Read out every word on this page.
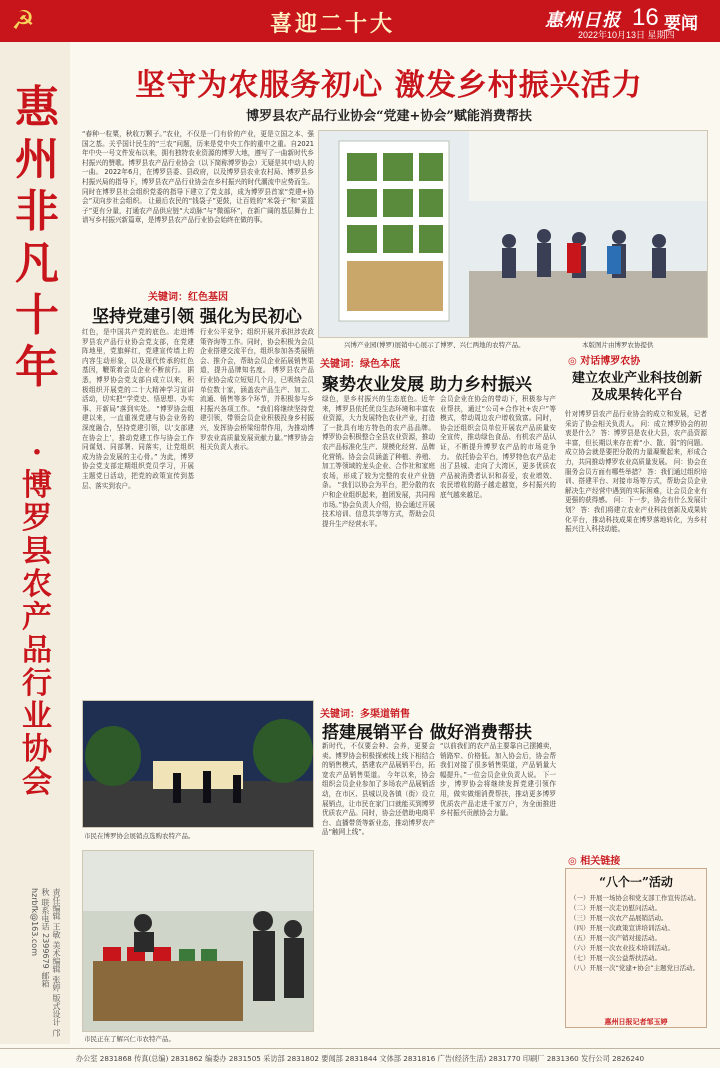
☭	喜迎二十大	惠州日报 16 要闻
2022年10月13日 星期四
惠州非凡十年
·博罗县农产品行业协会
责任编辑 王敏 美术编辑 张婷 版式设计 邝 秋 联系电话 2399679 邮箱 hzrbfk@163.com
坚守为农服务初心 激发乡村振兴活力
博罗县农产品行业协会“党建+协会”赋能消费帮扶
“春种一粒粟，秋收万颗子。”农业，不仅是一门有价的产业，更是立国之本、强国之基。关乎国计民生的“三农”问题，历来是党中央工作的重中之重。自2021年中央一号文件发布以来，拥有独特农业资源的博罗大地，遵写了一曲新时代乡村振兴的赞歌。博罗县农产品行业协会（以下简称博罗协会）无疑是其中动人的一曲。 2022年6月，在博罗县委、县政府，以及博罗县农业农村局、博罗县乡村振兴局的指导下，博罗县农产品行业协会在乡村振兴的时代潮流中应势而生。同时在博罗县社会组织党委的指导下建立了党支部，成为博罗县首家“党建+协会”双向步社会组织。 让最后农民的“钱袋子”更鼓，让百姓的“米袋子”和“菜篮子”更有分量，打通农产品供应链“大动脉”与“微循环”，在新广阔的基层舞台上谱写乡村振兴新篇章，是博罗县农产品行业协会始终在做的事。
兴博产业园(博罗)展销中心展示了博罗、兴仁两地的农特产品。	本版图片由博罗农协提供
关键词：红色基因
坚持党建引领 强化为民初心
红色，是中国共产党的底色。走进博罗县农产品行业协会党支部，在党建阵地里，党旗鲜红，党建宣传墙上的内容生动形象，以及现代传承的红色基因，鞭策着会员企业不断前行。 据悉，博罗协会党支部自成立以来，积极组织开展党的二十大精神学习宣讲活动，切实把“学党史、悟思想、办实事、开新局”落到实处。 “博罗协会组建以来，一直重视党建与协会业务的深度融合，坚持党建引领，以‘支部建在协会上’，推动党建工作与协会工作同谋划、同部署、同落实，让党组织成为协会发展的主心骨。” 为此，博罗协会党支部定期组织党员学习，开展主题党日活动，把党的政策宣传到基层、落实到农户。
行业公平竞争；组织开展并承担涉农政策咨询等工作。同时，协会积极为会员企业搭建交流平台，组织参加各类展销会、推介会，帮助会员企业拓展销售渠道，提升品牌知名度。 博罗县农产品行业协会成立短短几个月，已吸纳会员单位数十家，涵盖农产品生产、加工、流通、销售等多个环节，并积极参与乡村振兴各项工作。 “我们将继续坚持党建引领，带领会员企业积极投身乡村振兴，发挥协会桥梁纽带作用，为推动博罗农业高质量发展贡献力量。”博罗协会相关负责人表示。
关键词：绿色本底
聚势农业发展 助力乡村振兴
绿色，是乡村振兴的生态底色。近年来，博罗县依托优良生态环境和丰富农业资源，大力发展特色农业产业，打造了一批具有地方特色的农产品品牌。 博罗协会积极整合全县农业资源，推动农产品标准化生产、规模化经营、品牌化营销。协会会员涵盖了种植、养殖、加工等领域的龙头企业、合作社和家庭农场，形成了较为完整的农业产业链条。 “我们以协会为平台，把分散的农户和企业组织起来，抱团发展，共同闯市场。”协会负责人介绍，协会通过开展技术培训、信息共享等方式，帮助会员提升生产经营水平。
会员企业在协会的带动下，积极参与产业帮扶，通过“公司+合作社+农户”等模式，带动周边农户增收致富。同时，协会还组织会员单位开展农产品质量安全宣传，推动绿色食品、有机农产品认证，不断提升博罗农产品的市场竞争力。 依托协会平台，博罗特色农产品走出了县城、走向了大湾区，更多优质农产品被消费者认识和喜爱，农业增效、农民增收的路子越走越宽，乡村振兴的底气越来越足。
关键词：多渠道销售
搭建展销平台 做好消费帮扶
新时代，不仅要会种、会养，更要会卖。博罗协会积极探索线上线下相结合的销售模式，搭建农产品展销平台，拓宽农产品销售渠道。 今年以来，协会组织会员企业参加了多场农产品展销活动，在市区、县城以及各镇（街）设立展销点，让市民在家门口就能买到博罗优质农产品。同时，协会还借助电商平台、直播带货等新业态，推动博罗农产品“触网上线”。
“以前我们的农产品主要靠自己摆摊卖，销路窄、价格低。加入协会后，协会帮我们对接了很多销售渠道，产品销量大幅提升。”一位会员企业负责人说。 下一步，博罗协会将继续发挥党建引领作用，做实做细消费帮扶，推动更多博罗优质农产品走进千家万户，为全面推进乡村振兴贡献协会力量。
市民在博罗协会展销点选购农特产品。
市民正在了解兴仁市农特产品。
◎ 对话博罗农协
建立农业产业科技创新及成果转化平台
针对博罗县农产品行业协会的成立和发展，记者采访了协会相关负责人。 问：成立博罗协会的初衷是什么？ 答：博罗县是农业大县，农产品资源丰富，但长期以来存在着“小、散、弱”的问题。成立协会就是要把分散的力量凝聚起来，形成合力，共同推动博罗农业高质量发展。 问：协会在服务会员方面有哪些举措？ 答：我们通过组织培训、搭建平台、对接市场等方式，帮助会员企业解决生产经营中遇到的实际困难，让会员企业有更强的获得感。 问：下一步，协会有什么发展计划？ 答：我们将建立农业产业科技创新及成果转化平台，推动科技成果在博罗落地转化，为乡村振兴注入科技动能。
◎ 相关链接
“八个一”活动
（一）开展一场协会和党支部工作宣传活动。
（二）开展一次走访慰问活动。
（三）开展一次农产品展销活动。
（四）开展一次政策宣讲培训活动。
（五）开展一次产销对接活动。
（六）开展一次农业技术培训活动。
（七）开展一次公益帮扶活动。
（八）开展一次“党建+协会”主题党日活动。
惠州日报记者邹玉婷
办公室 2831868 传真(总编) 2831862 编委办 2831505 采访部 2831802 要闻部 2831844 文体部 2831816 广告(经济生活) 2831770 印刷厂 2831360 发行公司 2826240
